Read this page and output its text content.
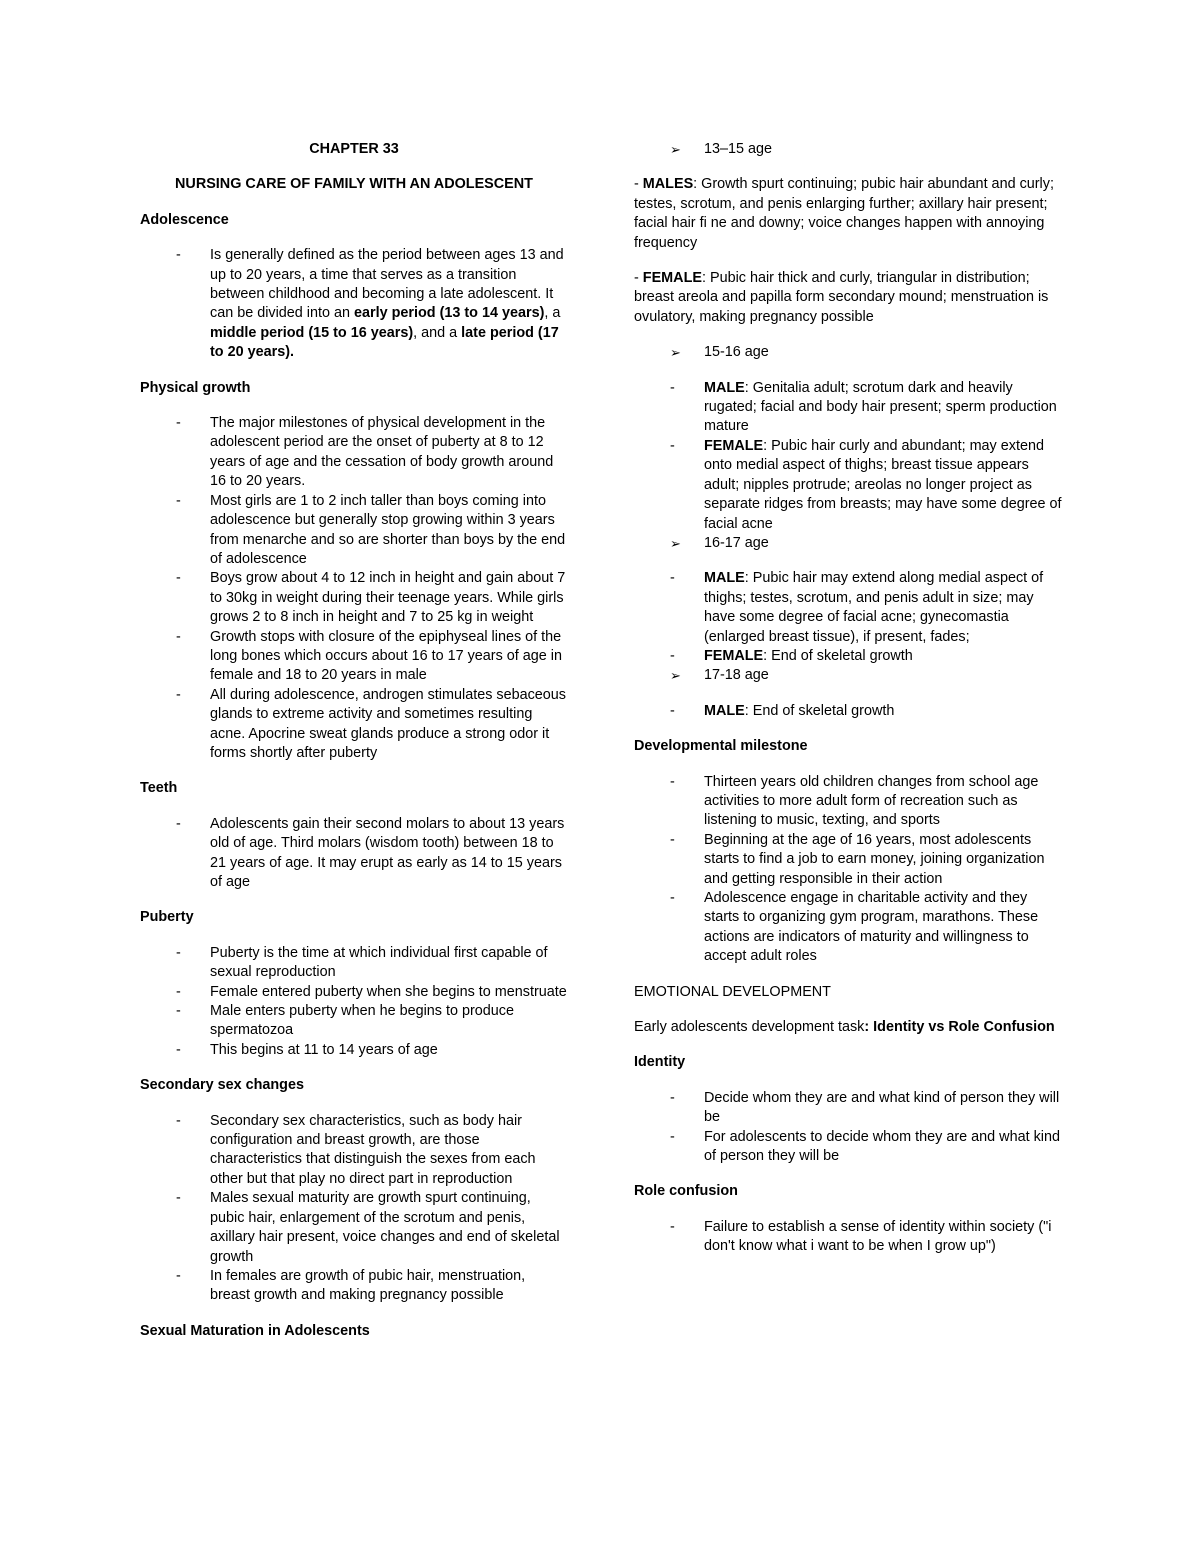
CHAPTER 33

NURSING CARE OF FAMILY WITH AN ADOLESCENT

Adolescence

- Is generally defined as the period between ages 13 and up to 20 years, a time that serves as a transition between childhood and becoming a late adolescent. It can be divided into an early period (13 to 14 years), a middle period (15 to 16 years), and a late period (17 to 20 years).

Physical growth

- The major milestones of physical development in the adolescent period are the onset of puberty at 8 to 12 years of age and the cessation of body growth around 16 to 20 years.
- Most girls are 1 to 2 inch taller than boys coming into adolescence but generally stop growing within 3 years from menarche and so are shorter than boys by the end of adolescence
- Boys grow about 4 to 12 inch in height and gain about 7 to 30kg in weight during their teenage years. While girls grows 2 to 8 inch in height and 7 to 25 kg in weight
- Growth stops with closure of the epiphyseal lines of the long bones which occurs about 16 to 17 years of age in female and 18 to 20 years in male
- All during adolescence, androgen stimulates sebaceous glands to extreme activity and sometimes resulting acne. Apocrine sweat glands produce a strong odor it forms shortly after puberty

Teeth

- Adolescents gain their second molars to about 13 years old of age. Third molars (wisdom tooth) between 18 to 21 years of age. It may erupt as early as 14 to 15 years of age

Puberty

- Puberty is the time at which individual first capable of sexual reproduction
- Female entered puberty when she begins to menstruate
- Male enters puberty when he begins to produce spermatozoa
- This begins at 11 to 14 years of age

Secondary sex changes

- Secondary sex characteristics, such as body hair configuration and breast growth, are those characteristics that distinguish the sexes from each other but that play no direct part in reproduction
- Males sexual maturity are growth spurt continuing, pubic hair, enlargement of the scrotum and penis, axillary hair present, voice changes and end of skeletal growth
- In females are growth of pubic hair, menstruation, breast growth and making pregnancy possible

Sexual Maturation in Adolescents

➢ 13–15 age

- MALES: Growth spurt continuing; pubic hair abundant and curly; testes, scrotum, and penis enlarging further; axillary hair present; facial hair fi ne and downy; voice changes happen with annoying frequency

- FEMALE: Pubic hair thick and curly, triangular in distribution; breast areola and papilla form secondary mound; menstruation is ovulatory, making pregnancy possible

➢ 15-16 age
- MALE: Genitalia adult; scrotum dark and heavily rugated; facial and body hair present; sperm production mature
- FEMALE: Pubic hair curly and abundant; may extend onto medial aspect of thighs; breast tissue appears adult; nipples protrude; areolas no longer project as separate ridges from breasts; may have some degree of facial acne
➢ 16-17 age
- MALE: Pubic hair may extend along medial aspect of thighs; testes, scrotum, and penis adult in size; may have some degree of facial acne; gynecomastia (enlarged breast tissue), if present, fades;
- FEMALE: End of skeletal growth
➢ 17-18 age
- MALE: End of skeletal growth

Developmental milestone

- Thirteen years old children changes from school age activities to more adult form of recreation such as listening to music, texting, and sports
- Beginning at the age of 16 years, most adolescents starts to find a job to earn money, joining organization and getting responsible in their action
- Adolescence engage in charitable activity and they starts to organizing gym program, marathons. These actions are indicators of maturity and willingness to accept adult roles

EMOTIONAL DEVELOPMENT

Early adolescents development task: Identity vs Role Confusion

Identity

- Decide whom they are and what kind of person they will be
- For adolescents to decide whom they are and what kind of person they will be

Role confusion

- Failure to establish a sense of identity within society ("i don't know what i want to be when I grow up")
